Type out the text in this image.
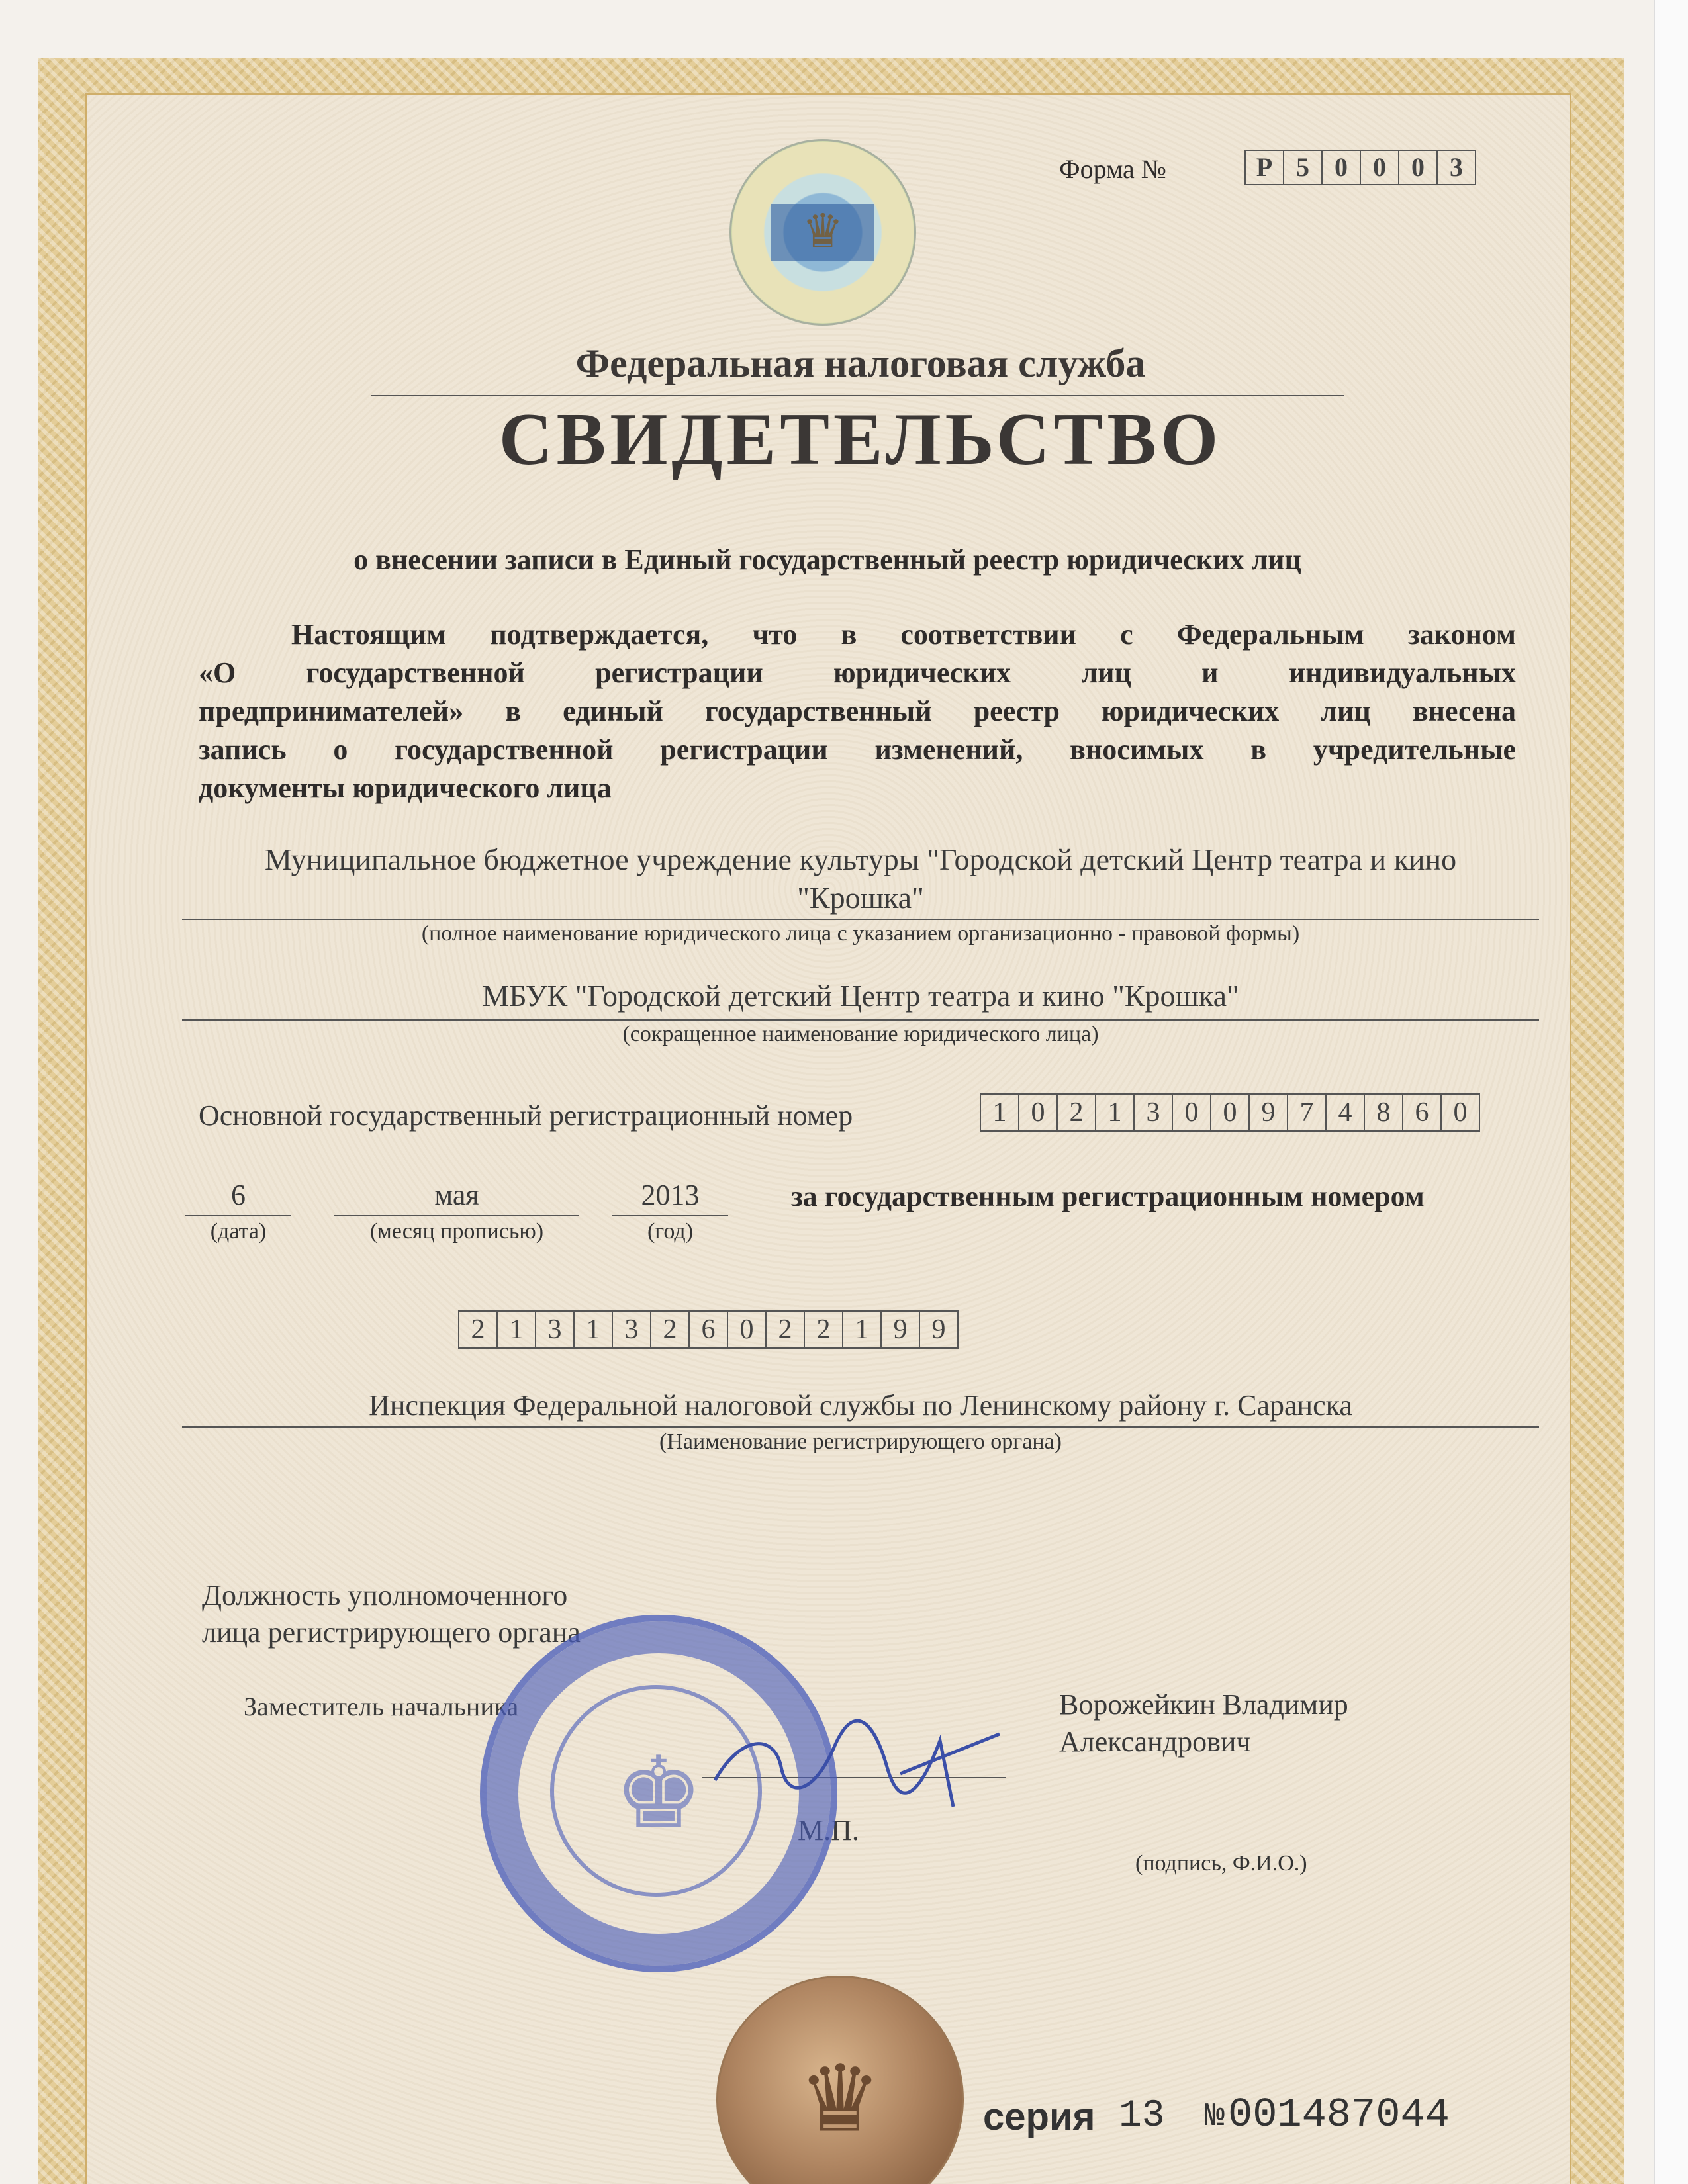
♛
Форма №	Р 5 0 0 0 3
Федеральная налоговая служба
СВИДЕТЕЛЬСТВО
о внесении записи в Единый государственный реестр юридических лиц
Настоящим подтверждается, что в соответствии с Федеральным законом
«О государственной регистрации юридических лиц и индивидуальных
предпринимателей» в единый государственный реестр юридических лиц внесена
запись о государственной регистрации изменений, вносимых в учредительные
документы юридического лица
Муниципальное бюджетное учреждение культуры "Городской детский Центр театра и кино
"Крошка"
(полное наименование юридического лица с указанием организационно - правовой формы)
МБУК "Городской детский Центр театра и кино "Крошка"
(сокращенное наименование юридического лица)
Основной государственный регистрационный номер	1 0 2 1 3 0 0 9 7 4 8 6 0
6
(дата)
мая
(месяц прописью)
2013
(год)
за государственным регистрационным номером
2 1 3 1 3 2 6 0 2 2 1 9 9
Инспекция Федеральной налоговой службы по Ленинскому району г. Саранска
(Наименование регистрирующего органа)
Должность уполномоченного
лица регистрирующего органа
Заместитель начальника	Ворожейкин Владимир
Александрович
М.П.
(подпись, Ф.И.О.)
♚
♛	серия 13 № 001487044
